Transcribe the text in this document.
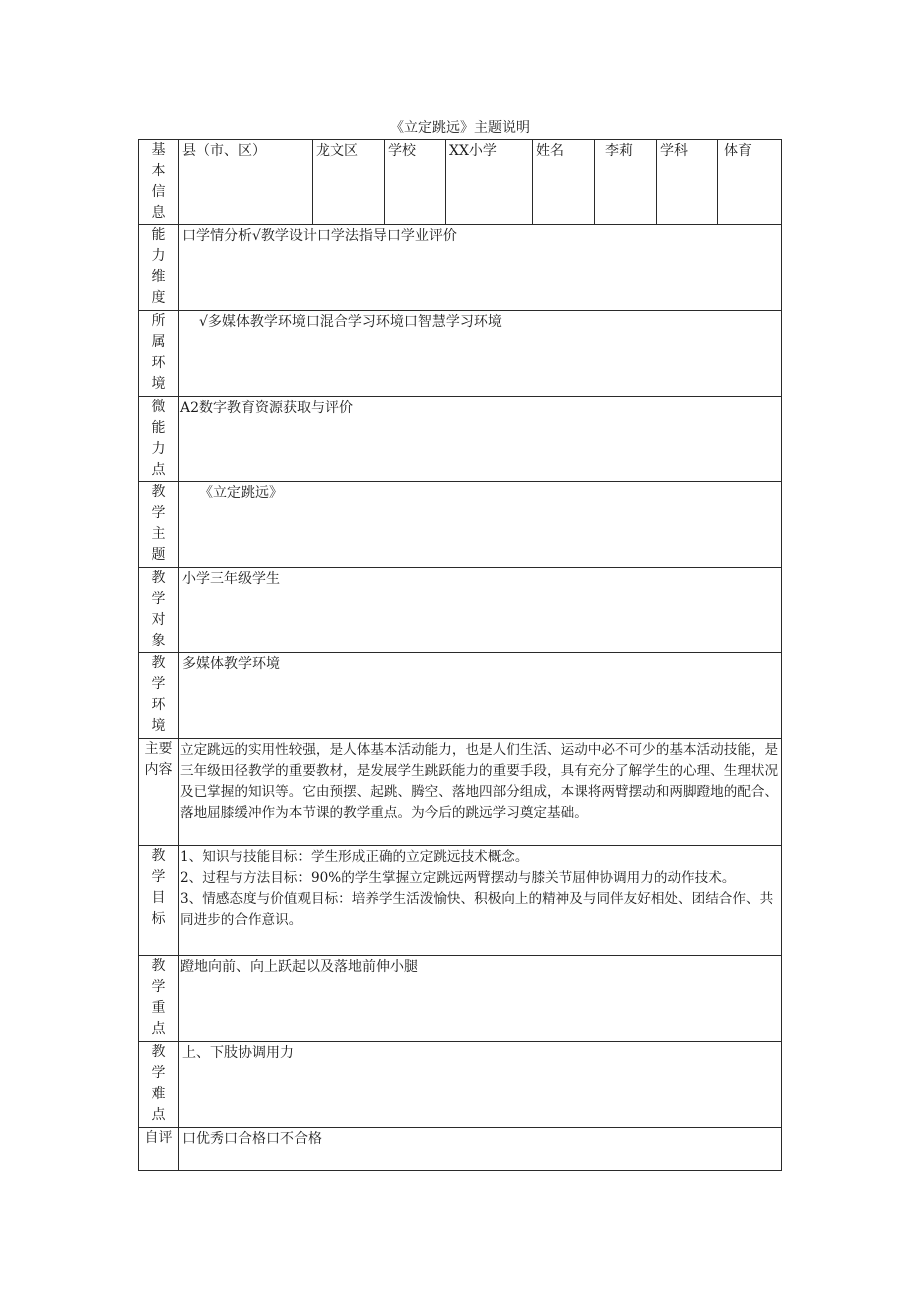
《立定跳远》主题说明
基本信息	县（市、区）	龙文区	学校	XX小学	姓名	李莉	学科	体育

能力维度	口学情分析√教学设计口学法指导口学业评价							

所属环境	√多媒体教学环境口混合学习环境口智慧学习环境							

微能力点	A2数字教育资源获取与评价							

教学主题	《立定跳远》							

教学对象	小学三年级学生							

教学环境	多媒体教学环境							

主要内容	立定跳远的实用性较强，是人体基本活动能力，也是人们生活、运动中必不可少的基本活动技能，是三年级田径教学的重要教材，是发展学生跳跃能力的重要手段，具有充分了解学生的心理、生理状况及已掌握的知识等。它由预摆、起跳、腾空、落地四部分组成，本课将两臂摆动和两脚蹬地的配合、落地屈膝缓冲作为本节课的教学重点。为今后的跳远学习奠定基础。							

教学目标	1、知识与技能目标：学生形成正确的立定跳远技术概念。
2、过程与方法目标：90%的学生掌握立定跳远两臂摆动与膝关节屈伸协调用力的动作技术。
3、情感态度与价值观目标：培养学生活泼愉快、积极向上的精神及与同伴友好相处、团结合作、共同进步的合作意识。							

教学重点	蹬地向前、向上跃起以及落地前伸小腿							

教学难点	上、下肢协调用力							

自评	口优秀口合格口不合格							
